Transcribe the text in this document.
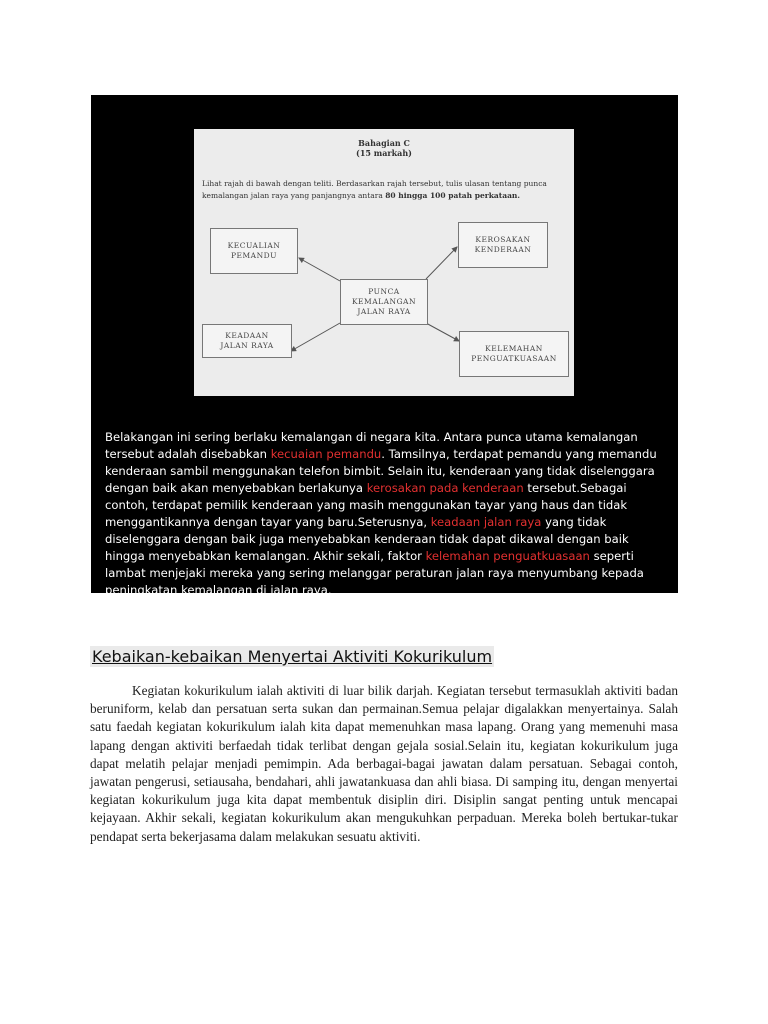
Bahagian C
(15 markah)
Lihat rajah di bawah dengan teliti. Berdasarkan rajah tersebut, tulis ulasan tentang punca kemalangan jalan raya yang panjangnya antara 80 hingga 100 patah perkataan.
PUNCA
KEMALANGAN
JALAN RAYA
KECUALIAN
PEMANDU
KEROSAKAN
KENDERAAN
KEADAAN
JALAN RAYA	KELEMAHAN
PENGUATKUASAAN
Belakangan ini sering berlaku kemalangan di negara kita. Antara punca utama kemalangan tersebut adalah disebabkan kecuaian pemandu. Tamsilnya, terdapat pemandu yang memandu kenderaan sambil menggunakan telefon bimbit. Selain itu, kenderaan yang tidak diselenggara dengan baik akan menyebabkan berlakunya kerosakan pada kenderaan tersebut.Sebagai contoh, terdapat pemilik kenderaan yang masih menggunakan tayar yang haus dan tidak menggantikannya dengan tayar yang baru.Seterusnya, keadaan jalan raya yang tidak diselenggara dengan baik juga menyebabkan kenderaan tidak dapat dikawal dengan baik hingga menyebabkan kemalangan. Akhir sekali, faktor kelemahan penguatkuasaan seperti lambat menjejaki mereka yang sering melanggar peraturan jalan raya menyumbang kepada peningkatan kemalangan di jalan raya.
Kebaikan-kebaikan Menyertai Aktiviti Kokurikulum
Kegiatan kokurikulum ialah aktiviti di luar bilik darjah. Kegiatan tersebut termasuklah aktiviti badan beruniform, kelab dan persatuan serta sukan dan permainan.Semua pelajar digalakkan menyertainya. Salah satu faedah kegiatan kokurikulum ialah kita dapat memenuhkan masa lapang. Orang yang memenuhi masa lapang dengan aktiviti berfaedah tidak terlibat dengan gejala sosial.Selain itu, kegiatan kokurikulum juga dapat melatih pelajar menjadi pemimpin. Ada berbagai-bagai jawatan dalam persatuan. Sebagai contoh, jawatan pengerusi, setiausaha, bendahari, ahli jawatankuasa dan ahli biasa. Di samping itu, dengan menyertai kegiatan kokurikulum juga kita dapat membentuk disiplin diri. Disiplin sangat penting untuk mencapai kejayaan. Akhir sekali, kegiatan kokurikulum akan mengukuhkan perpaduan. Mereka boleh bertukar-tukar pendapat serta bekerjasama dalam melakukan sesuatu aktiviti.
